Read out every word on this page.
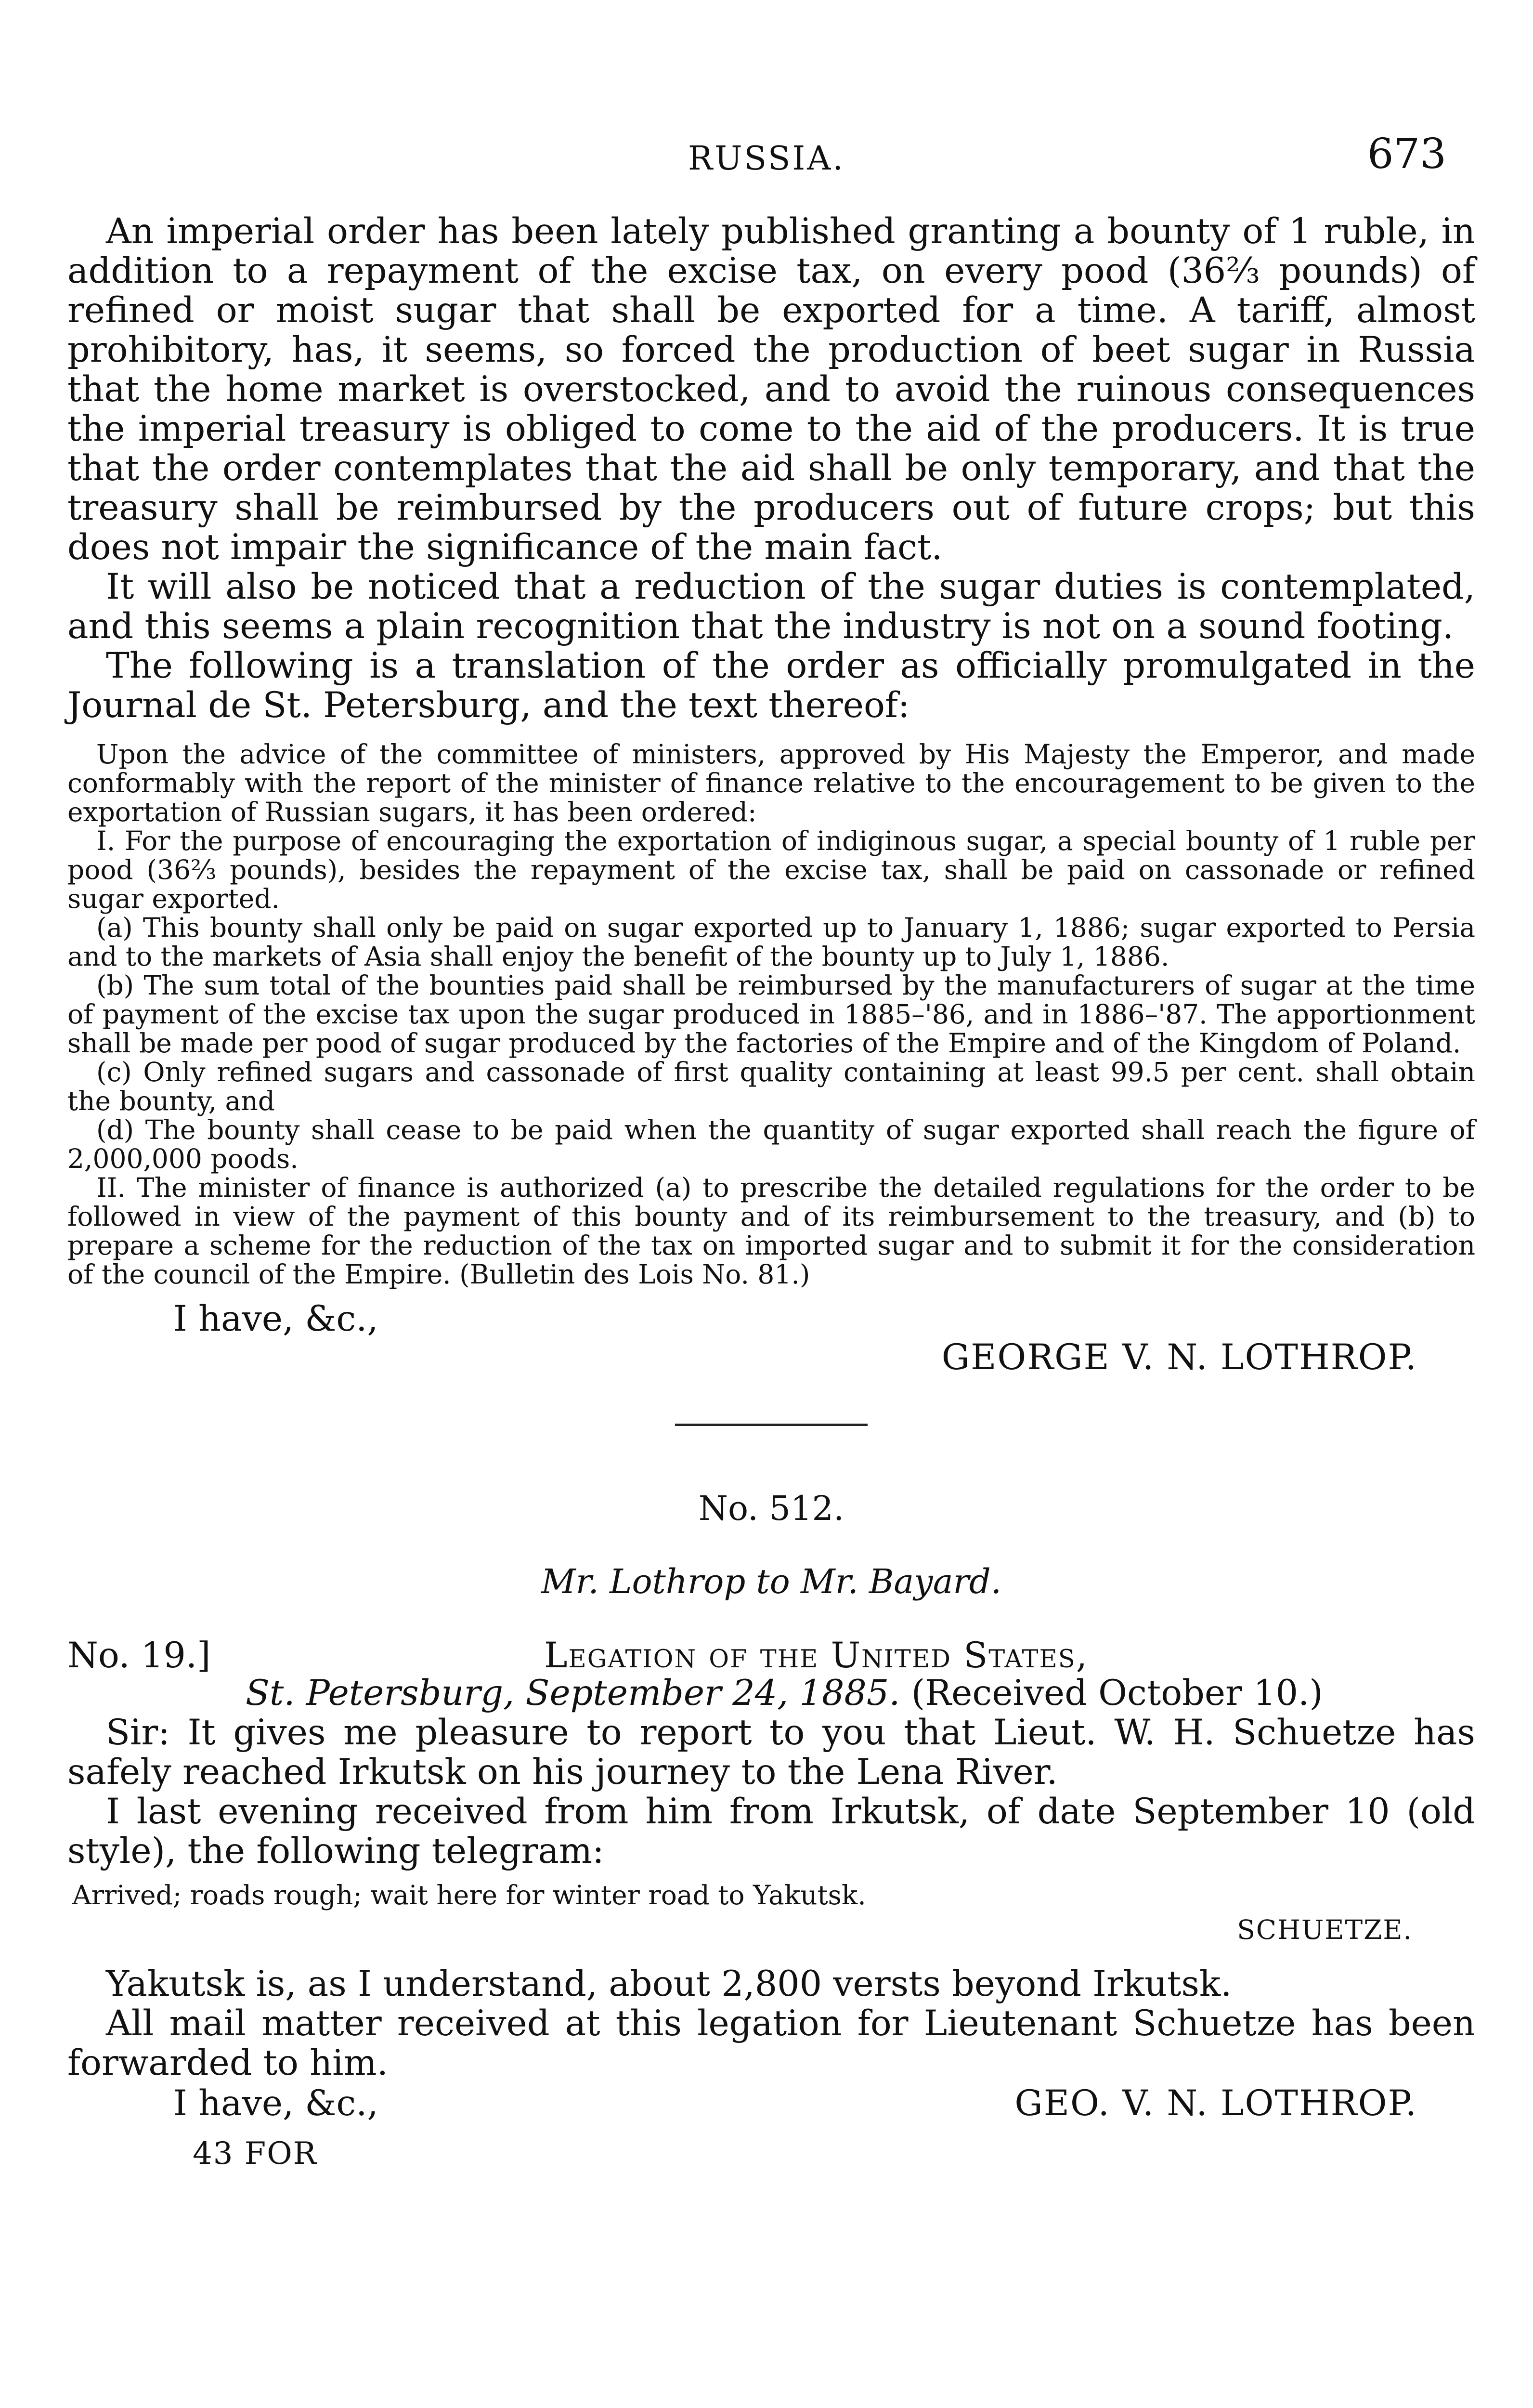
RUSSIA.	673

An imperial order has been lately published granting a bounty of 1 ruble, in addition to a repayment of the excise tax, on every pood (36⅔ pounds) of refined or moist sugar that shall be exported for a time. A tariff, almost prohibitory, has, it seems, so forced the production of beet sugar in Russia that the home market is overstocked, and to avoid the ruinous consequences the imperial treasury is obliged to come to the aid of the producers. It is true that the order contemplates that the aid shall be only temporary, and that the treasury shall be reimbursed by the producers out of future crops; but this does not impair the significance of the main fact.

It will also be noticed that a reduction of the sugar duties is contemplated, and this seems a plain recognition that the industry is not on a sound footing.

The following is a translation of the order as officially promulgated in the Journal de St. Petersburg, and the text thereof:

Upon the advice of the committee of ministers, approved by His Majesty the Emperor, and made conformably with the report of the minister of finance relative to the encouragement to be given to the exportation of Russian sugars, it has been ordered:

I. For the purpose of encouraging the exportation of indiginous sugar, a special bounty of 1 ruble per pood (36⅔ pounds), besides the repayment of the excise tax, shall be paid on cassonade or refined sugar exported.

(a) This bounty shall only be paid on sugar exported up to January 1, 1886; sugar exported to Persia and to the markets of Asia shall enjoy the benefit of the bounty up to July 1, 1886.

(b) The sum total of the bounties paid shall be reimbursed by the manufacturers of sugar at the time of payment of the excise tax upon the sugar produced in 1885–'86, and in 1886–'87. The apportionment shall be made per pood of sugar produced by the factories of the Empire and of the Kingdom of Poland.

(c) Only refined sugars and cassonade of first quality containing at least 99.5 per cent. shall obtain the bounty, and

(d) The bounty shall cease to be paid when the quantity of sugar exported shall reach the figure of 2,000,000 poods.

II. The minister of finance is authorized (a) to prescribe the detailed regulations for the order to be followed in view of the payment of this bounty and of its reimbursement to the treasury, and (b) to prepare a scheme for the reduction of the tax on imported sugar and to submit it for the consideration of the council of the Empire. (Bulletin des Lois No. 81.)

I have, &c.,
GEORGE V. N. LOTHROP.
No. 512.
Mr. Lothrop to Mr. Bayard.
No. 19.]	Legation of the United States,
St. Petersburg, September 24, 1885. (Received October 10.)

Sir: It gives me pleasure to report to you that Lieut. W. H. Schuetze has safely reached Irkutsk on his journey to the Lena River.

I last evening received from him from Irkutsk, of date September 10 (old style), the following telegram:

Arrived; roads rough; wait here for winter road to Yakutsk.
SCHUETZE.

Yakutsk is, as I understand, about 2,800 versts beyond Irkutsk.

All mail matter received at this legation for Lieutenant Schuetze has been forwarded to him.

I have, &c.,	GEO. V. N. LOTHROP.
43 FOR
